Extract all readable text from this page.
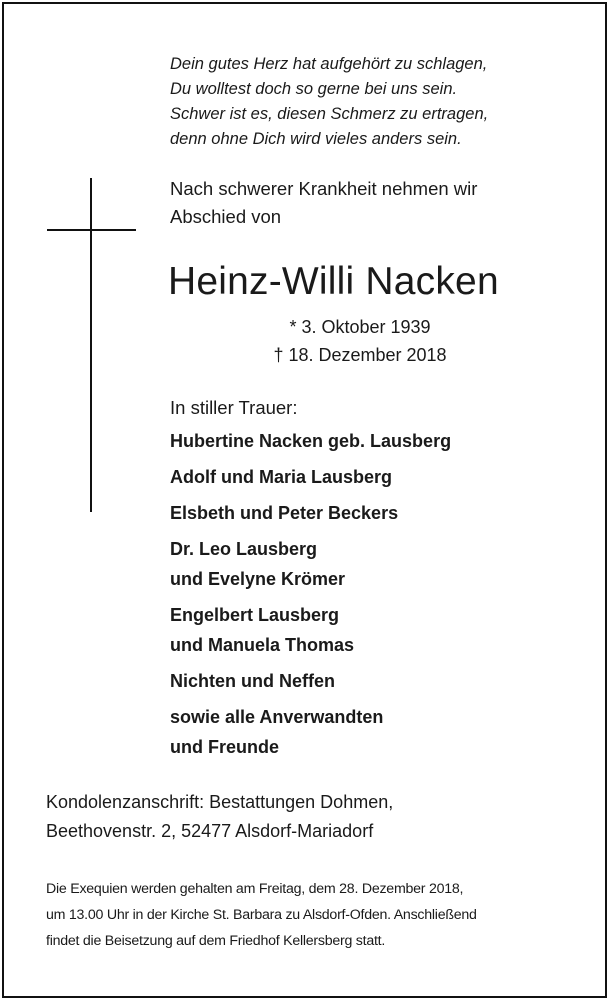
Dein gutes Herz hat aufgehört zu schlagen,
Du wolltest doch so gerne bei uns sein.
Schwer ist es, diesen Schmerz zu ertragen,
denn ohne Dich wird vieles anders sein.
Nach schwerer Krankheit nehmen wir
Abschied von
Heinz-Willi Nacken
* 3. Oktober 1939
† 18. Dezember 2018
In stiller Trauer:
Hubertine Nacken geb. Lausberg
Adolf und Maria Lausberg
Elsbeth und Peter Beckers
Dr. Leo Lausberg
und Evelyne Krömer
Engelbert Lausberg
und Manuela Thomas
Nichten und Neffen
sowie alle Anverwandten
und Freunde
Kondolenzanschrift: Bestattungen Dohmen,
Beethovenstr. 2, 52477 Alsdorf-Mariadorf
Die Exequien werden gehalten am Freitag, dem 28. Dezember 2018,
um 13.00 Uhr in der Kirche St. Barbara zu Alsdorf-Ofden. Anschließend
findet die Beisetzung auf dem Friedhof Kellersberg statt.
